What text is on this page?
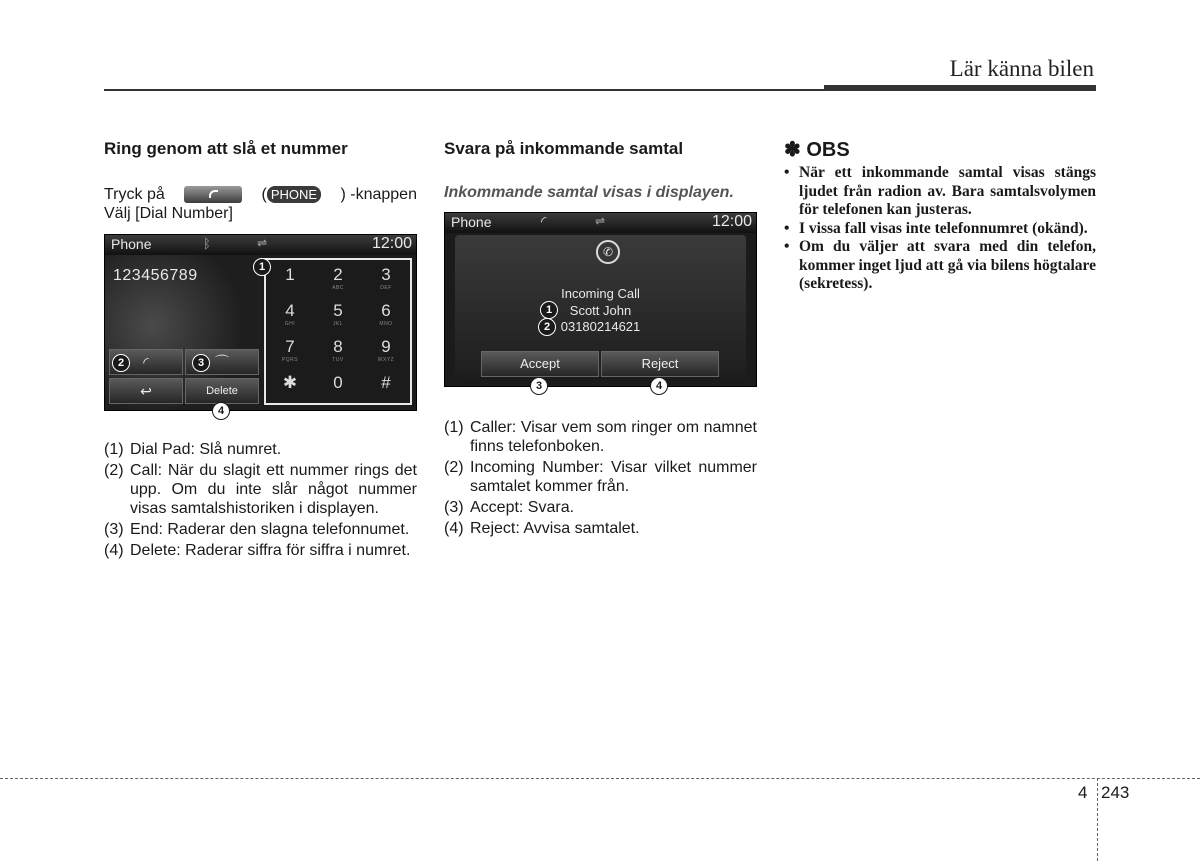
Lär känna bilen
Ring genom att slå et nummer
Tryck på	( PHONE ) -knappen
Välj [Dial Number]
Phone	ᛒ	⇌	12:00
123456789
◜	⌒
↩	Delete
1	2
ABC
3
DEF
4
GHI
5
JKL
6
MNO
7
PQRS
8
TUV
9
WXYZ
✱	0	#
1
2	3
4
(1) Dial Pad: Slå numret.
(2) Call: När du slagit ett nummer rings det upp. Om du inte slår något nummer visas samtalshistoriken i displayen.
(3) End: Raderar den slagna telefonnumet.
(4) Delete: Raderar siffra för siffra i numret.
Svara på inkommande samtal
Inkommande samtal visas i displayen.
Phone	◜	⇌	12:00
✆
Incoming Call
Scott John
03180214621
Accept	Reject
1
2
3	4
(1) Caller: Visar vem som ringer om namnet finns telefonboken.
(2) Incoming Number: Visar vilket nummer samtalet kommer från.
(3) Accept: Svara.
(4) Reject: Avvisa samtalet.
✽ OBS
• När ett inkommande samtal visas stängs ljudet från radion av. Bara samtalsvolymen för telefonen kan justeras.
• I vissa fall visas inte telefonnumret (okänd).
• Om du väljer att svara med din telefon, kommer inget ljud att gå via bilens högtalare (sekretess).
4 243
